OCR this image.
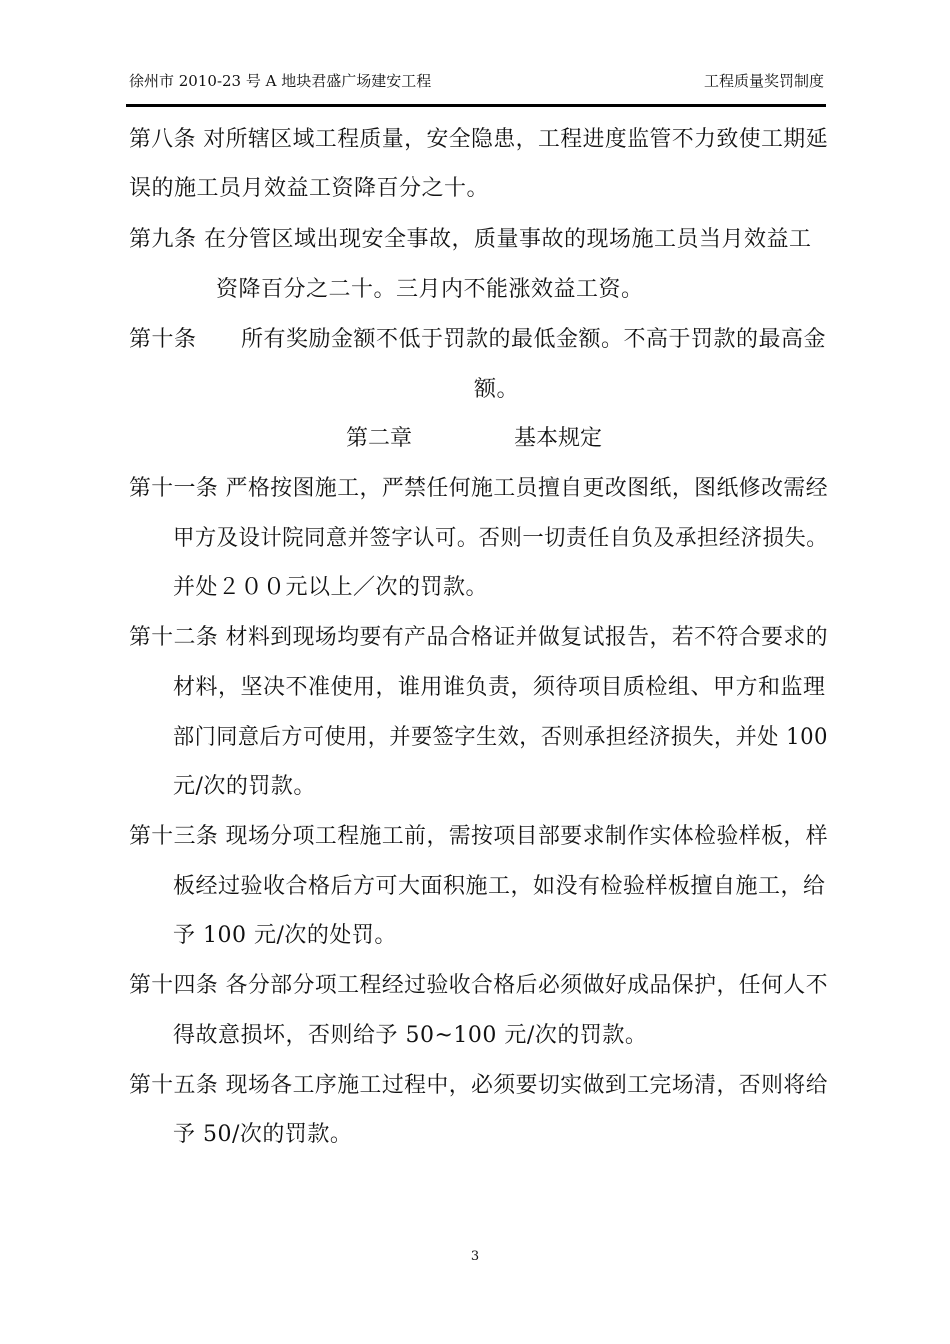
徐州市 2010-23 号 A 地块君盛广场建安工程	工程质量奖罚制度
第八条 对所辖区域工程质量，安全隐患，工程进度监管不力致使工期延
误的施工员月效益工资降百分之十。
第九条 在分管区域出现安全事故，质量事故的现场施工员当月效益工
资降百分之二十。三月内不能涨效益工资。
第十条 所有奖励金额不低于罚款的最低金额。不高于罚款的最高金
额。
第二章	基本规定
第十一条 严格按图施工，严禁任何施工员擅自更改图纸，图纸修改需经
甲方及设计院同意并签字认可。否则一切责任自负及承担经济损失。
并处２００元以上／次的罚款。
第十二条 材料到现场均要有产品合格证并做复试报告，若不符合要求的
材料，坚决不准使用，谁用谁负责，须待项目质检组、甲方和监理
部门同意后方可使用，并要签字生效，否则承担经济损失，并处 100
元/次的罚款。
第十三条 现场分项工程施工前，需按项目部要求制作实体检验样板，样
板经过验收合格后方可大面积施工，如没有检验样板擅自施工，给
予 100 元/次的处罚。
第十四条 各分部分项工程经过验收合格后必须做好成品保护，任何人不
得故意损坏，否则给予 50~100 元/次的罚款。
第十五条 现场各工序施工过程中，必须要切实做到工完场清，否则将给
予 50/次的罚款。
3
